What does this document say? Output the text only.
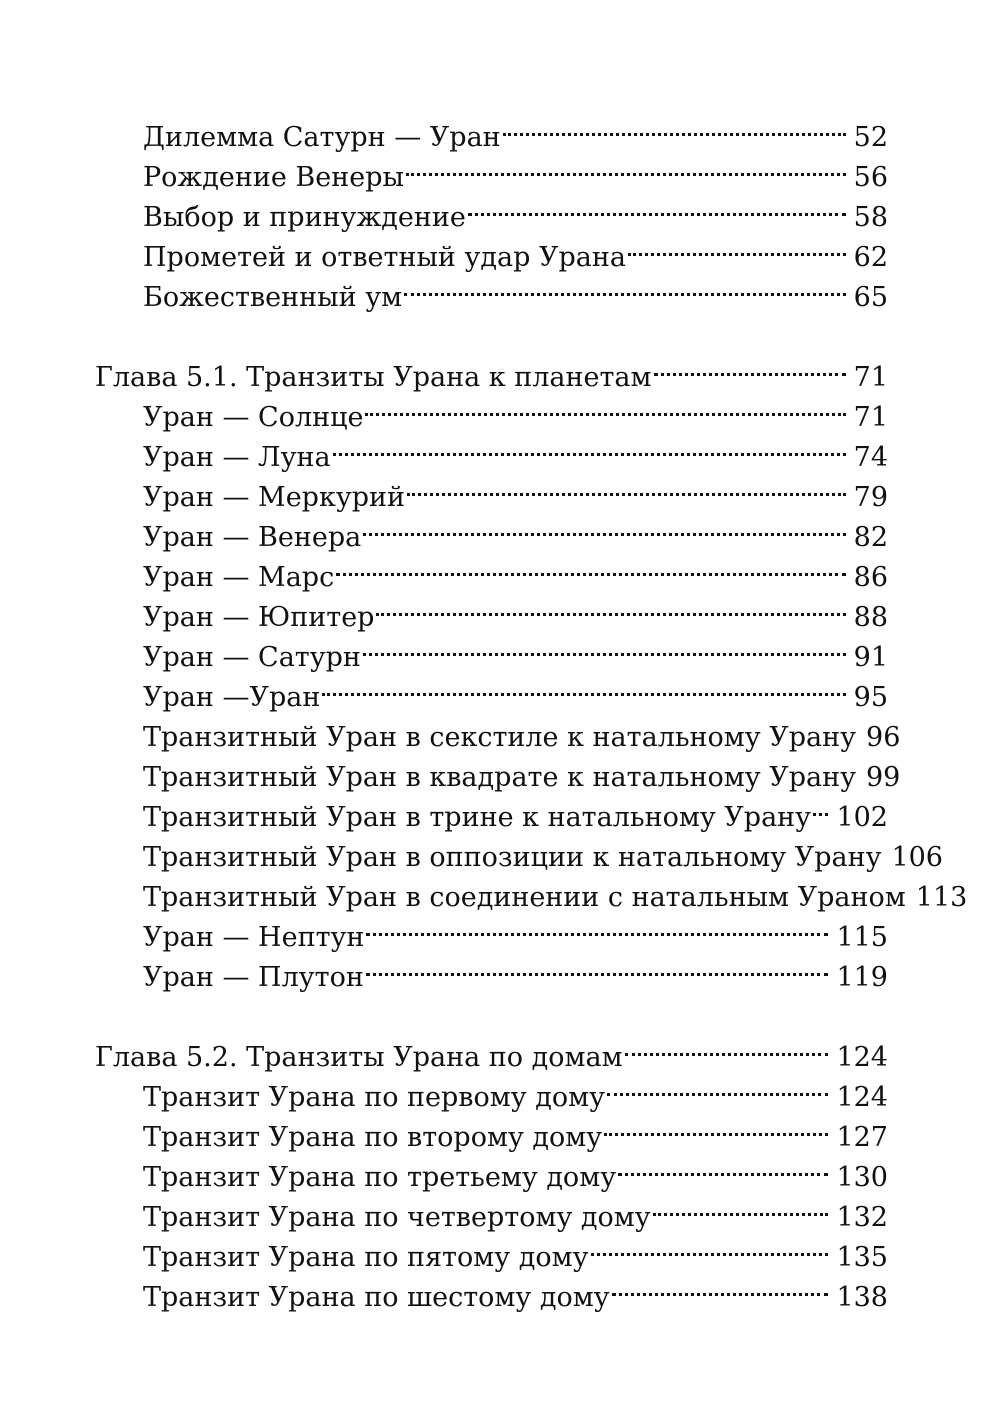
Дилемма Сатурн — Уран	52
Рождение Венеры	56
Выбор и принуждение	58
Прометей и ответный удар Урана	62
Божественный ум	65
Глава 5.1. Транзиты Урана к планетам	71
Уран — Солнце	71
Уран — Луна	74
Уран — Меркурий	79
Уран — Венера	82
Уран — Марс	86
Уран — Юпитер	88
Уран — Сатурн	91
Уран —Уран	95
Транзитный Уран в секстиле к натальному Урану 96
Транзитный Уран в квадрате к натальному Урану 99
Транзитный Уран в трине к натальному Урану 102
Транзитный Уран в оппозиции к натальному Урану 106
Транзитный Уран в соединении с натальным Ураном 113
Уран — Нептун	115
Уран — Плутон	119
Глава 5.2. Транзиты Урана по домам	124
Транзит Урана по первому дому	124
Транзит Урана по второму дому	127
Транзит Урана по третьему дому	130
Транзит Урана по четвертому дому	132
Транзит Урана по пятому дому	135
Транзит Урана по шестому дому	138
